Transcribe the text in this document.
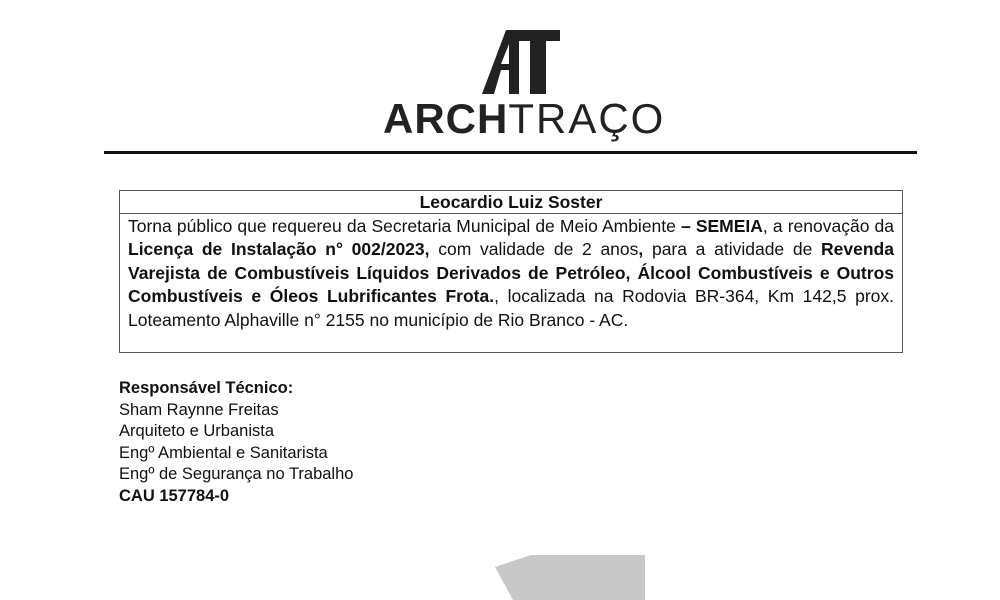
ARCHTRAÇO
Leocardio Luiz Soster
Torna público que requereu da Secretaria Municipal de Meio Ambiente – SEMEIA, a renovação da Licença de Instalação n° 002/2023, com validade de 2 anos, para a atividade de Revenda Varejista de Combustíveis Líquidos Derivados de Petróleo, Álcool Combustíveis e Outros Combustíveis e Óleos Lubrificantes Frota., localizada na Rodovia BR-364, Km 142,5 prox. Loteamento Alphaville n° 2155 no município de Rio Branco - AC.
Responsável Técnico:
Sham Raynne Freitas
Arquiteto e Urbanista
Engº Ambiental e Sanitarista
Engº de Segurança no Trabalho
CAU 157784-0
